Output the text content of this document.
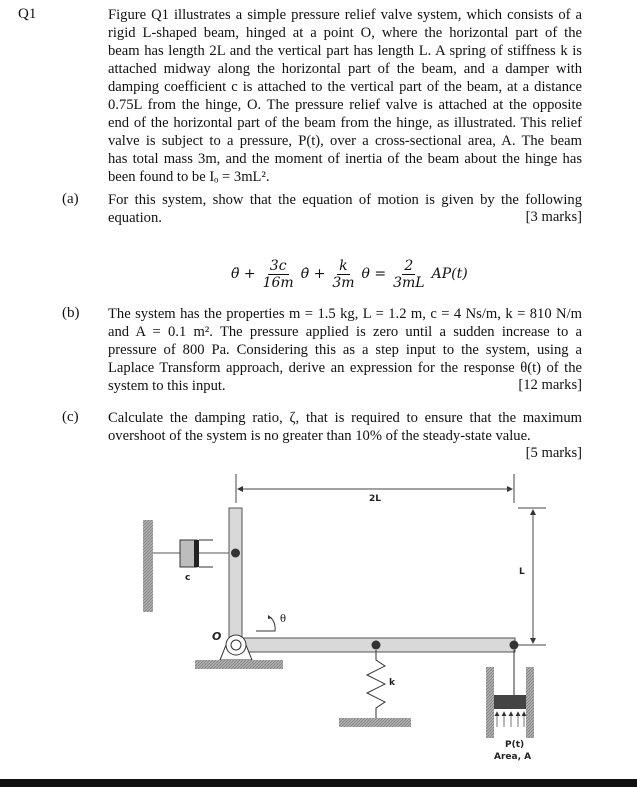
Q1	Figure Q1 illustrates a simple pressure relief valve system, which consists of a
rigid L-shaped beam, hinged at a point O, where the horizontal part of the
beam has length 2L and the vertical part has length L. A spring of stiffness k is
attached midway along the horizontal part of the beam, and a damper with
damping coefficient c is attached to the vertical part of the beam, at a distance
0.75L from the hinge, O. The pressure relief valve is attached at the opposite
end of the horizontal part of the beam from the hinge, as illustrated. This relief
valve is subject to a pressure, P(t), over a cross-sectional area, A. The beam
has total mass 3m, and the moment of inertia of the beam about the hinge has
been found to be Iₒ = 3mL².
(a) For this system, show that the equation of motion is given by the following
equation.	[3 marks]
θ̈ + $\frac{3c}{16m}$ θ̇ + $\frac{k}{3m}$ $\theta = \frac{2}{3mL} AP(t)$
(b) The system has the properties m = 1.5 kg, L = 1.2 m, c = 4 Ns/m, k = 810 N/m
and A = 0.1 m². The pressure applied is zero until a sudden increase to a
pressure of 800 Pa. Considering this as a step input to the system, using a
Laplace Transform approach, derive an expression for the response θ(t) of the
system to this input.	[12 marks]
(c) Calculate the damping ratio, ζ, that is required to ensure that the maximum
overshoot of the system is no greater than 10% of the steady-state value.
[5 marks]
2L
L
c
k
O
θ
P(t)
Area, A
